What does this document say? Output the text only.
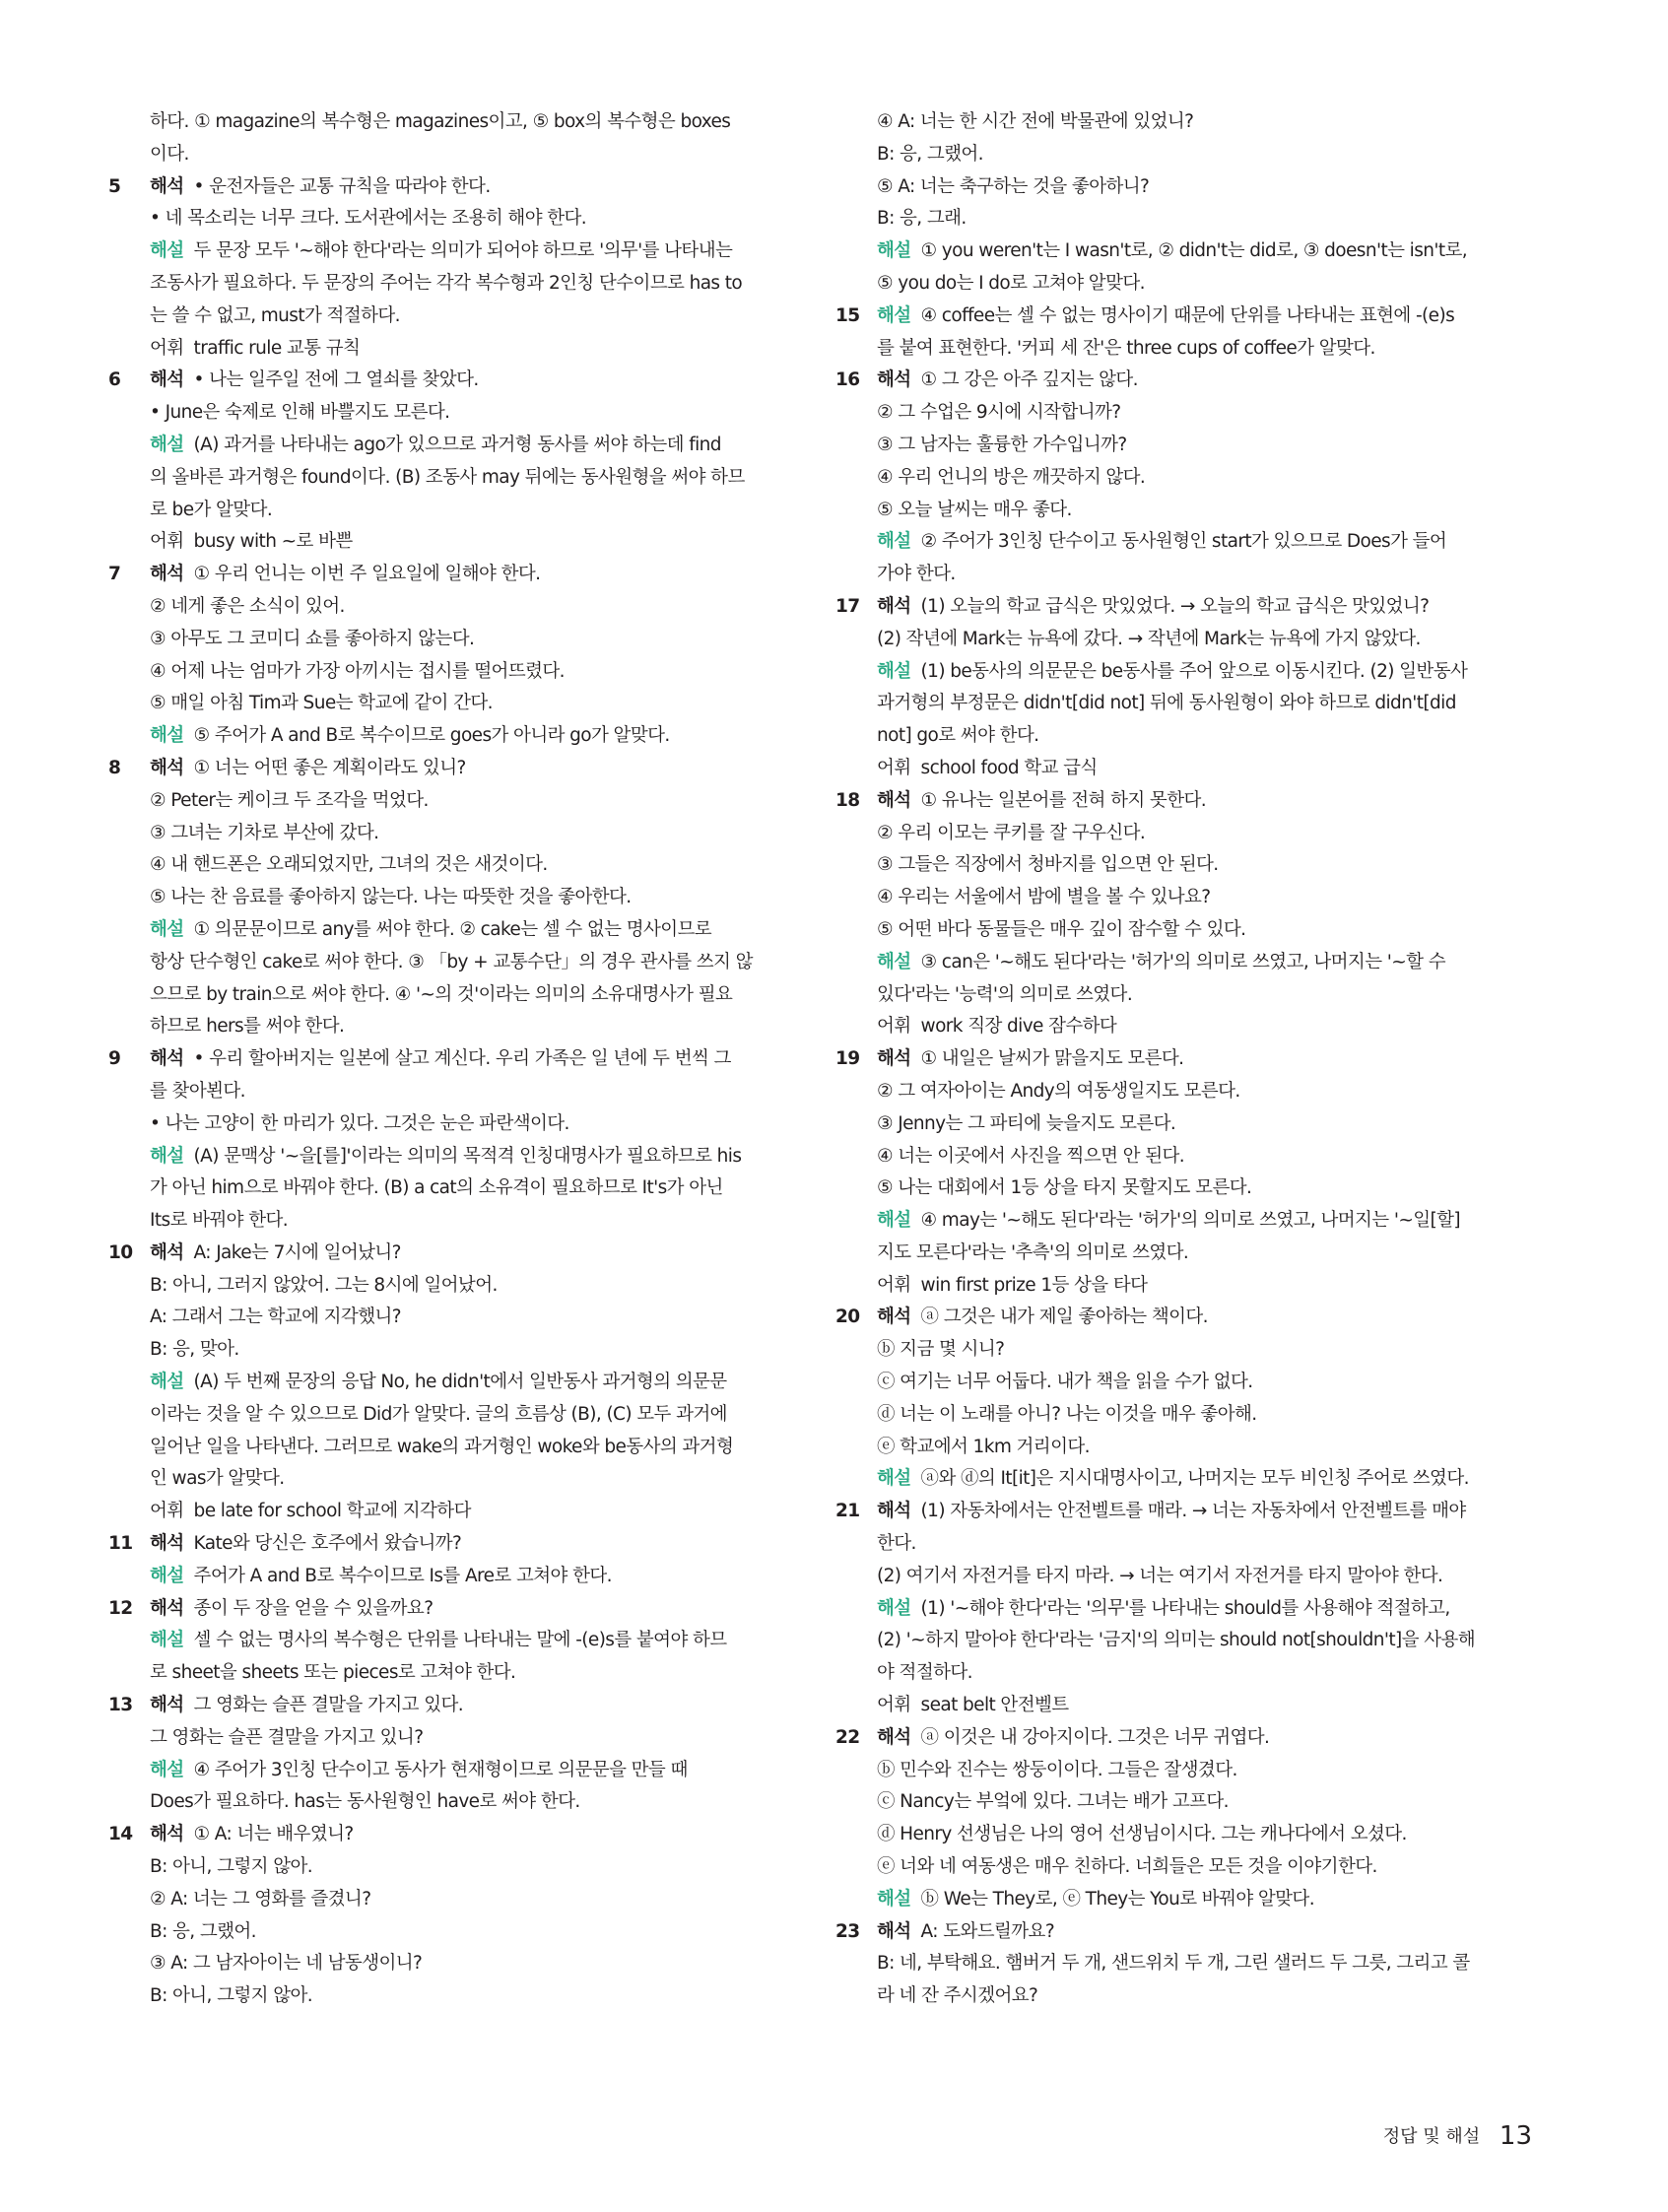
하다. ① magazine의 복수형은 magazines이고, ⑤ box의 복수형은 boxes
이다.
5 해석 • 운전자들은 교통 규칙을 따라야 한다.
• 네 목소리는 너무 크다. 도서관에서는 조용히 해야 한다.
해설 두 문장 모두 '~해야 한다'라는 의미가 되어야 하므로 '의무'를 나타내는
조동사가 필요하다. 두 문장의 주어는 각각 복수형과 2인칭 단수이므로 has to
는 쓸 수 없고, must가 적절하다.
어휘 traffic rule 교통 규칙
6 해석 • 나는 일주일 전에 그 열쇠를 찾았다.
• June은 숙제로 인해 바쁠지도 모른다.
해설 (A) 과거를 나타내는 ago가 있으므로 과거형 동사를 써야 하는데 find
의 올바른 과거형은 found이다. (B) 조동사 may 뒤에는 동사원형을 써야 하므
로 be가 알맞다.
어휘 busy with ~로 바쁜
7 해석 ① 우리 언니는 이번 주 일요일에 일해야 한다.
② 네게 좋은 소식이 있어.
③ 아무도 그 코미디 쇼를 좋아하지 않는다.
④ 어제 나는 엄마가 가장 아끼시는 접시를 떨어뜨렸다.
⑤ 매일 아침 Tim과 Sue는 학교에 같이 간다.
해설 ⑤ 주어가 A and B로 복수이므로 goes가 아니라 go가 알맞다.
8 해석 ① 너는 어떤 좋은 계획이라도 있니?
② Peter는 케이크 두 조각을 먹었다.
③ 그녀는 기차로 부산에 갔다.
④ 내 핸드폰은 오래되었지만, 그녀의 것은 새것이다.
⑤ 나는 찬 음료를 좋아하지 않는다. 나는 따뜻한 것을 좋아한다.
해설 ① 의문문이므로 any를 써야 한다. ② cake는 셀 수 없는 명사이므로
항상 단수형인 cake로 써야 한다. ③ 「by + 교통수단」의 경우 관사를 쓰지 않
으므로 by train으로 써야 한다. ④ '~의 것'이라는 의미의 소유대명사가 필요
하므로 hers를 써야 한다.
9 해석 • 우리 할아버지는 일본에 살고 계신다. 우리 가족은 일 년에 두 번씩 그
를 찾아뵌다.
• 나는 고양이 한 마리가 있다. 그것은 눈은 파란색이다.
해설 (A) 문맥상 '~을[를]'이라는 의미의 목적격 인칭대명사가 필요하므로 his
가 아닌 him으로 바꿔야 한다. (B) a cat의 소유격이 필요하므로 It's가 아닌
Its로 바꿔야 한다.
10 해석 A: Jake는 7시에 일어났니?
B: 아니, 그러지 않았어. 그는 8시에 일어났어.
A: 그래서 그는 학교에 지각했니?
B: 응, 맞아.
해설 (A) 두 번째 문장의 응답 No, he didn't에서 일반동사 과거형의 의문문
이라는 것을 알 수 있으므로 Did가 알맞다. 글의 흐름상 (B), (C) 모두 과거에
일어난 일을 나타낸다. 그러므로 wake의 과거형인 woke와 be동사의 과거형
인 was가 알맞다.
어휘 be late for school 학교에 지각하다
11 해석 Kate와 당신은 호주에서 왔습니까?
해설 주어가 A and B로 복수이므로 Is를 Are로 고쳐야 한다.
12 해석 종이 두 장을 얻을 수 있을까요?
해설 셀 수 없는 명사의 복수형은 단위를 나타내는 말에 -(e)s를 붙여야 하므
로 sheet을 sheets 또는 pieces로 고쳐야 한다.
13 해석 그 영화는 슬픈 결말을 가지고 있다.
그 영화는 슬픈 결말을 가지고 있니?
해설 ④ 주어가 3인칭 단수이고 동사가 현재형이므로 의문문을 만들 때
Does가 필요하다. has는 동사원형인 have로 써야 한다.
14 해석 ① A: 너는 배우였니?
B: 아니, 그렇지 않아.
② A: 너는 그 영화를 즐겼니?
B: 응, 그랬어.
③ A: 그 남자아이는 네 남동생이니?
B: 아니, 그렇지 않아.
④ A: 너는 한 시간 전에 박물관에 있었니?
B: 응, 그랬어.
⑤ A: 너는 축구하는 것을 좋아하니?
B: 응, 그래.
해설 ① you weren't는 I wasn't로, ② didn't는 did로, ③ doesn't는 isn't로,
⑤ you do는 I do로 고쳐야 알맞다.
15 해설 ④ coffee는 셀 수 없는 명사이기 때문에 단위를 나타내는 표현에 -(e)s
를 붙여 표현한다. '커피 세 잔'은 three cups of coffee가 알맞다.
16 해석 ① 그 강은 아주 깊지는 않다.
② 그 수업은 9시에 시작합니까?
③ 그 남자는 훌륭한 가수입니까?
④ 우리 언니의 방은 깨끗하지 않다.
⑤ 오늘 날씨는 매우 좋다.
해설 ② 주어가 3인칭 단수이고 동사원형인 start가 있으므로 Does가 들어
가야 한다.
17 해석 (1) 오늘의 학교 급식은 맛있었다. → 오늘의 학교 급식은 맛있었니?
(2) 작년에 Mark는 뉴욕에 갔다. → 작년에 Mark는 뉴욕에 가지 않았다.
해설 (1) be동사의 의문문은 be동사를 주어 앞으로 이동시킨다. (2) 일반동사
과거형의 부정문은 didn't[did not] 뒤에 동사원형이 와야 하므로 didn't[did
not] go로 써야 한다.
어휘 school food 학교 급식
18 해석 ① 유나는 일본어를 전혀 하지 못한다.
② 우리 이모는 쿠키를 잘 구우신다.
③ 그들은 직장에서 청바지를 입으면 안 된다.
④ 우리는 서울에서 밤에 별을 볼 수 있나요?
⑤ 어떤 바다 동물들은 매우 깊이 잠수할 수 있다.
해설 ③ can은 '~해도 된다'라는 '허가'의 의미로 쓰였고, 나머지는 '~할 수
있다'라는 '능력'의 의미로 쓰였다.
어휘 work 직장 dive 잠수하다
19 해석 ① 내일은 날씨가 맑을지도 모른다.
② 그 여자아이는 Andy의 여동생일지도 모른다.
③ Jenny는 그 파티에 늦을지도 모른다.
④ 너는 이곳에서 사진을 찍으면 안 된다.
⑤ 나는 대회에서 1등 상을 타지 못할지도 모른다.
해설 ④ may는 '~해도 된다'라는 '허가'의 의미로 쓰였고, 나머지는 '~일[할]
지도 모른다'라는 '추측'의 의미로 쓰였다.
어휘 win first prize 1등 상을 타다
20 해석 ⓐ 그것은 내가 제일 좋아하는 책이다.
ⓑ 지금 몇 시니?
ⓒ 여기는 너무 어둡다. 내가 책을 읽을 수가 없다.
ⓓ 너는 이 노래를 아니? 나는 이것을 매우 좋아해.
ⓔ 학교에서 1km 거리이다.
해설 ⓐ와 ⓓ의 It[it]은 지시대명사이고, 나머지는 모두 비인칭 주어로 쓰였다.
21 해석 (1) 자동차에서는 안전벨트를 매라. → 너는 자동차에서 안전벨트를 매야
한다.
(2) 여기서 자전거를 타지 마라. → 너는 여기서 자전거를 타지 말아야 한다.
해설 (1) '~해야 한다'라는 '의무'를 나타내는 should를 사용해야 적절하고,
(2) '~하지 말아야 한다'라는 '금지'의 의미는 should not[shouldn't]을 사용해
야 적절하다.
어휘 seat belt 안전벨트
22 해석 ⓐ 이것은 내 강아지이다. 그것은 너무 귀엽다.
ⓑ 민수와 진수는 쌍둥이이다. 그들은 잘생겼다.
ⓒ Nancy는 부엌에 있다. 그녀는 배가 고프다.
ⓓ Henry 선생님은 나의 영어 선생님이시다. 그는 캐나다에서 오셨다.
ⓔ 너와 네 여동생은 매우 친하다. 너희들은 모든 것을 이야기한다.
해설 ⓑ We는 They로, ⓔ They는 You로 바꿔야 알맞다.
23 해석 A: 도와드릴까요?
B: 네, 부탁해요. 햄버거 두 개, 샌드위치 두 개, 그린 샐러드 두 그릇, 그리고 콜
라 네 잔 주시겠어요?
정답 및 해설 13
